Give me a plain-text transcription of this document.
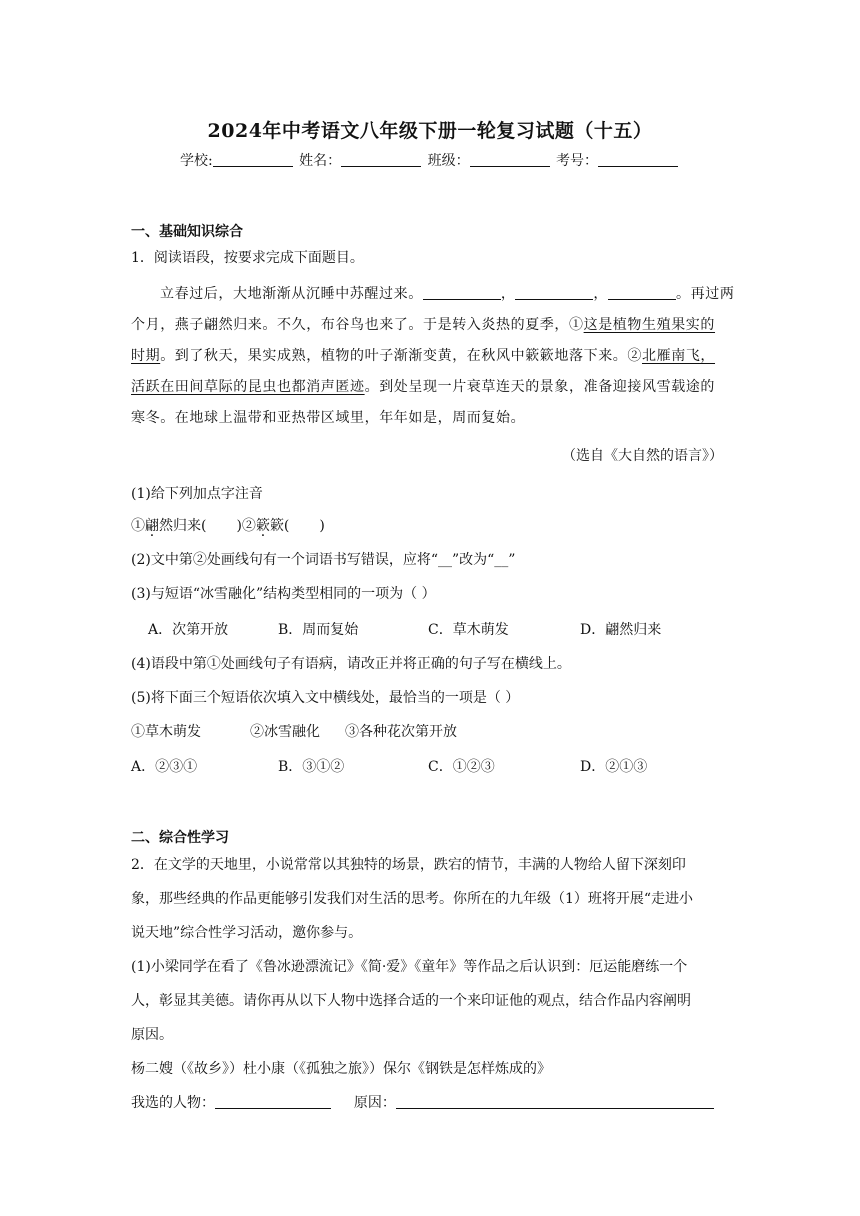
2024年中考语文八年级下册一轮复习试题（十五）
学校:	姓名：	班级：	考号：
一、基础知识综合
1．阅读语段，按要求完成下面题目。
立春过后，大地渐渐从沉睡中苏醒过来。	，	，	。再过两
个月，燕子翩然归来。不久，布谷鸟也来了。于是转入炎热的夏季，①这是植物生殖果实的
时期。到了秋天，果实成熟，植物的叶子渐渐变黄，在秋风中簌簌地落下来。②北雁南飞，
活跃在田间草际的昆虫也都消声匿迹。到处呈现一片衰草连天的景象，准备迎接风雪载途的
寒冬。在地球上温带和亚热带区域里，年年如是，周而复始。
（选自《大自然的语言》）
(1)给下列加点字注音
①翩然归来( )②簌簌( )
(2)文中第②处画线句有一个词语书写错误，应将“__”改为“__”
(3)与短语“冰雪融化”结构类型相同的一项为（ ）
A．次第开放	B．周而复始	C．草木萌发	D．翩然归来
(4)语段中第①处画线句子有语病，请改正并将正确的句子写在横线上。
(5)将下面三个短语依次填入文中横线处，最恰当的一项是（ ）
①草木萌发	②冰雪融化 ③各种花次第开放
A．②③①	B．③①②	C．①②③	D．②①③
二、综合性学习
2．在文学的天地里，小说常常以其独特的场景，跌宕的情节，丰满的人物给人留下深刻印
象，那些经典的作品更能够引发我们对生活的思考。你所在的九年级（1）班将开展“走进小
说天地”综合性学习活动，邀你参与。
(1)小梁同学在看了《鲁冰逊漂流记》《简·爱》《童年》等作品之后认识到：厄运能磨练一个
人，彰显其美德。请你再从以下人物中选择合适的一个来印证他的观点，结合作品内容阐明
原因。
杨二嫂（《故乡》）杜小康（《孤独之旅》）保尔《钢铁是怎样炼成的》
我选的人物：	原因：
